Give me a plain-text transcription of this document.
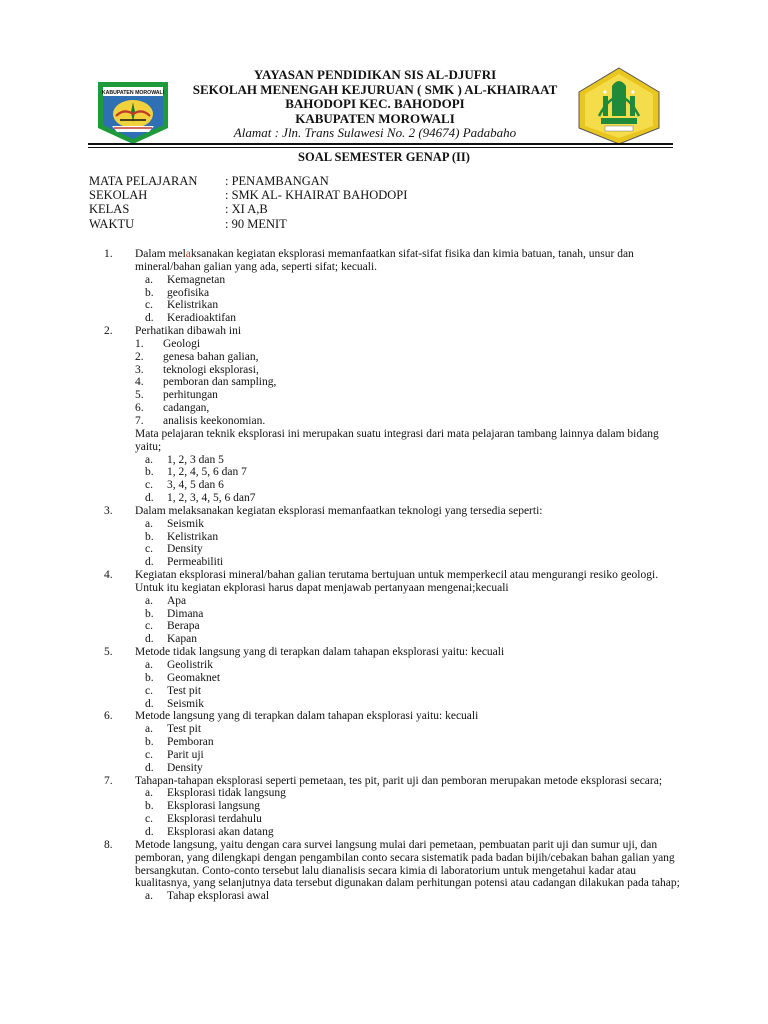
KABUPATEN MOROWALI
YAYASAN PENDIDIKAN SIS AL-DJUFRI
SEKOLAH MENENGAH KEJURUAN ( SMK ) AL-KHAIRAAT
BAHODOPI KEC. BAHODOPI
KABUPATEN MOROWALI
Alamat : Jln. Trans Sulawesi No. 2 (94674) Padabaho
SOAL SEMESTER GENAP (II)
MATA PELAJARAN	: PENAMBANGAN
SEKOLAH	: SMK AL- KHAIRAT BAHODOPI
KELAS	: XI A,B
WAKTU	: 90 MENIT
1.	Dalam melaksanakan kegiatan eksplorasi memanfaatkan sifat-sifat fisika dan kimia batuan, tanah, unsur dan mineral/bahan galian yang ada, seperti sifat; kecuali.
a.	Kemagnetan
b.	geofisika
c.	Kelistrikan
d.	Keradioaktifan
2.	Perhatikan dibawah ini
1.	Geologi
2.	genesa bahan galian,
3.	teknologi eksplorasi,
4.	pemboran dan sampling,
5.	perhitungan
6.	cadangan,
7.	analisis keekonomian.
Mata pelajaran teknik eksplorasi ini merupakan suatu integrasi dari mata pelajaran tambang lainnya dalam bidang yaitu;
a.	1, 2, 3 dan 5
b.	1, 2, 4, 5, 6 dan 7
c.	3, 4, 5 dan 6
d.	1, 2, 3, 4, 5, 6 dan7
3.	Dalam melaksanakan kegiatan eksplorasi memanfaatkan teknologi yang tersedia seperti:
a.	Seismik
b.	Kelistrikan
c.	Density
d.	Permeabiliti
4.	Kegiatan eksplorasi mineral/bahan galian terutama bertujuan untuk memperkecil atau mengurangi resiko geologi. Untuk itu kegiatan ekplorasi harus dapat menjawab pertanyaan mengenai;kecuali
a.	Apa
b.	Dimana
c.	Berapa
d.	Kapan
5.	Metode tidak langsung yang di terapkan dalam tahapan eksplorasi yaitu: kecuali
a.	Geolistrik
b.	Geomaknet
c.	Test pit
d.	Seismik
6.	Metode langsung yang di terapkan dalam tahapan eksplorasi yaitu: kecuali
a.	Test pit
b.	Pemboran
c.	Parit uji
d.	Density
7.	Tahapan-tahapan eksplorasi seperti pemetaan, tes pit, parit uji dan pemboran merupakan metode eksplorasi secara;
a.	Eksplorasi tidak langsung
b.	Eksplorasi langsung
c.	Eksplorasi terdahulu
d.	Eksplorasi akan datang
8.	Metode langsung, yaitu dengan cara survei langsung mulai dari pemetaan, pembuatan parit uji dan sumur uji, dan pemboran, yang dilengkapi dengan pengambilan conto secara sistematik pada badan bijih/cebakan bahan galian yang bersangkutan. Conto-conto tersebut lalu dianalisis secara kimia di laboratorium untuk mengetahui kadar atau kualitasnya, yang selanjutnya data tersebut digunakan dalam perhitungan potensi atau cadangan dilakukan pada tahap;
a.	Tahap eksplorasi awal
